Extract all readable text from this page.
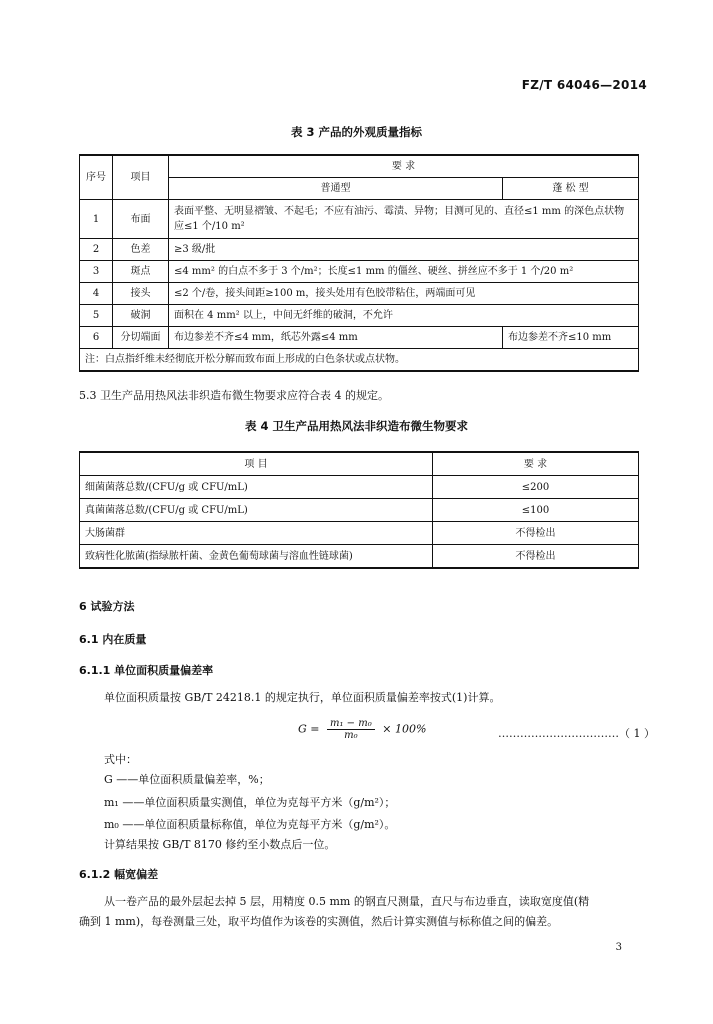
FZ/T 64046—2014
表 3 产品的外观质量指标
序号	项目	要 求	
		普通型	蓬 松 型
1	布面	表面平整、无明显褶皱、不起毛；不应有油污、霉渍、异物；目测可见的、直径≤1 mm 的深色点状物应≤1 个/10 m²	
2	色差	≥3 级/批	
3	斑点	≤4 mm² 的白点不多于 3 个/m²；长度≤1 mm 的僵丝、硬丝、拼丝应不多于 1 个/20 m²	
4	接头	≤2 个/卷，接头间距≥100 m，接头处用有色胶带粘住，两端面可见	
5	破洞	面积在 4 mm² 以上，中间无纤维的破洞，不允许	
6	分切端面	布边参差不齐≤4 mm，纸芯外露≤4 mm	布边参差不齐≤10 mm
注：白点指纤维未经彻底开松分解而致布面上形成的白色条状或点状物。			
5.3 卫生产品用热风法非织造布微生物要求应符合表 4 的规定。
表 4 卫生产品用热风法非织造布微生物要求
项 目	要 求
细菌菌落总数/(CFU/g 或 CFU/mL)	≤200
真菌菌落总数/(CFU/g 或 CFU/mL)	≤100
大肠菌群	不得检出
致病性化脓菌(指绿脓杆菌、金黄色葡萄球菌与溶血性链球菌)	不得检出
6 试验方法
6.1 内在质量
6.1.1 单位面积质量偏差率
单位面积质量按 GB/T 24218.1 的规定执行，单位面积质量偏差率按式(1)计算。
$G = \frac{\text{m₁ − m₀}}{\text{m₀}} \times 100\%$	……………………………（ 1 ）
式中：
G ——单位面积质量偏差率，%；
m₁ ——单位面积质量实测值，单位为克每平方米（g/m²）；
m₀ ——单位面积质量标称值，单位为克每平方米（g/m²）。
计算结果按 GB/T 8170 修约至小数点后一位。
6.1.2 幅宽偏差
从一卷产品的最外层起去掉 5 层，用精度 0.5 mm 的钢直尺测量，直尺与布边垂直，读取宽度值(精
确到 1 mm)，每卷测量三处，取平均值作为该卷的实测值，然后计算实测值与标称值之间的偏差。
3
